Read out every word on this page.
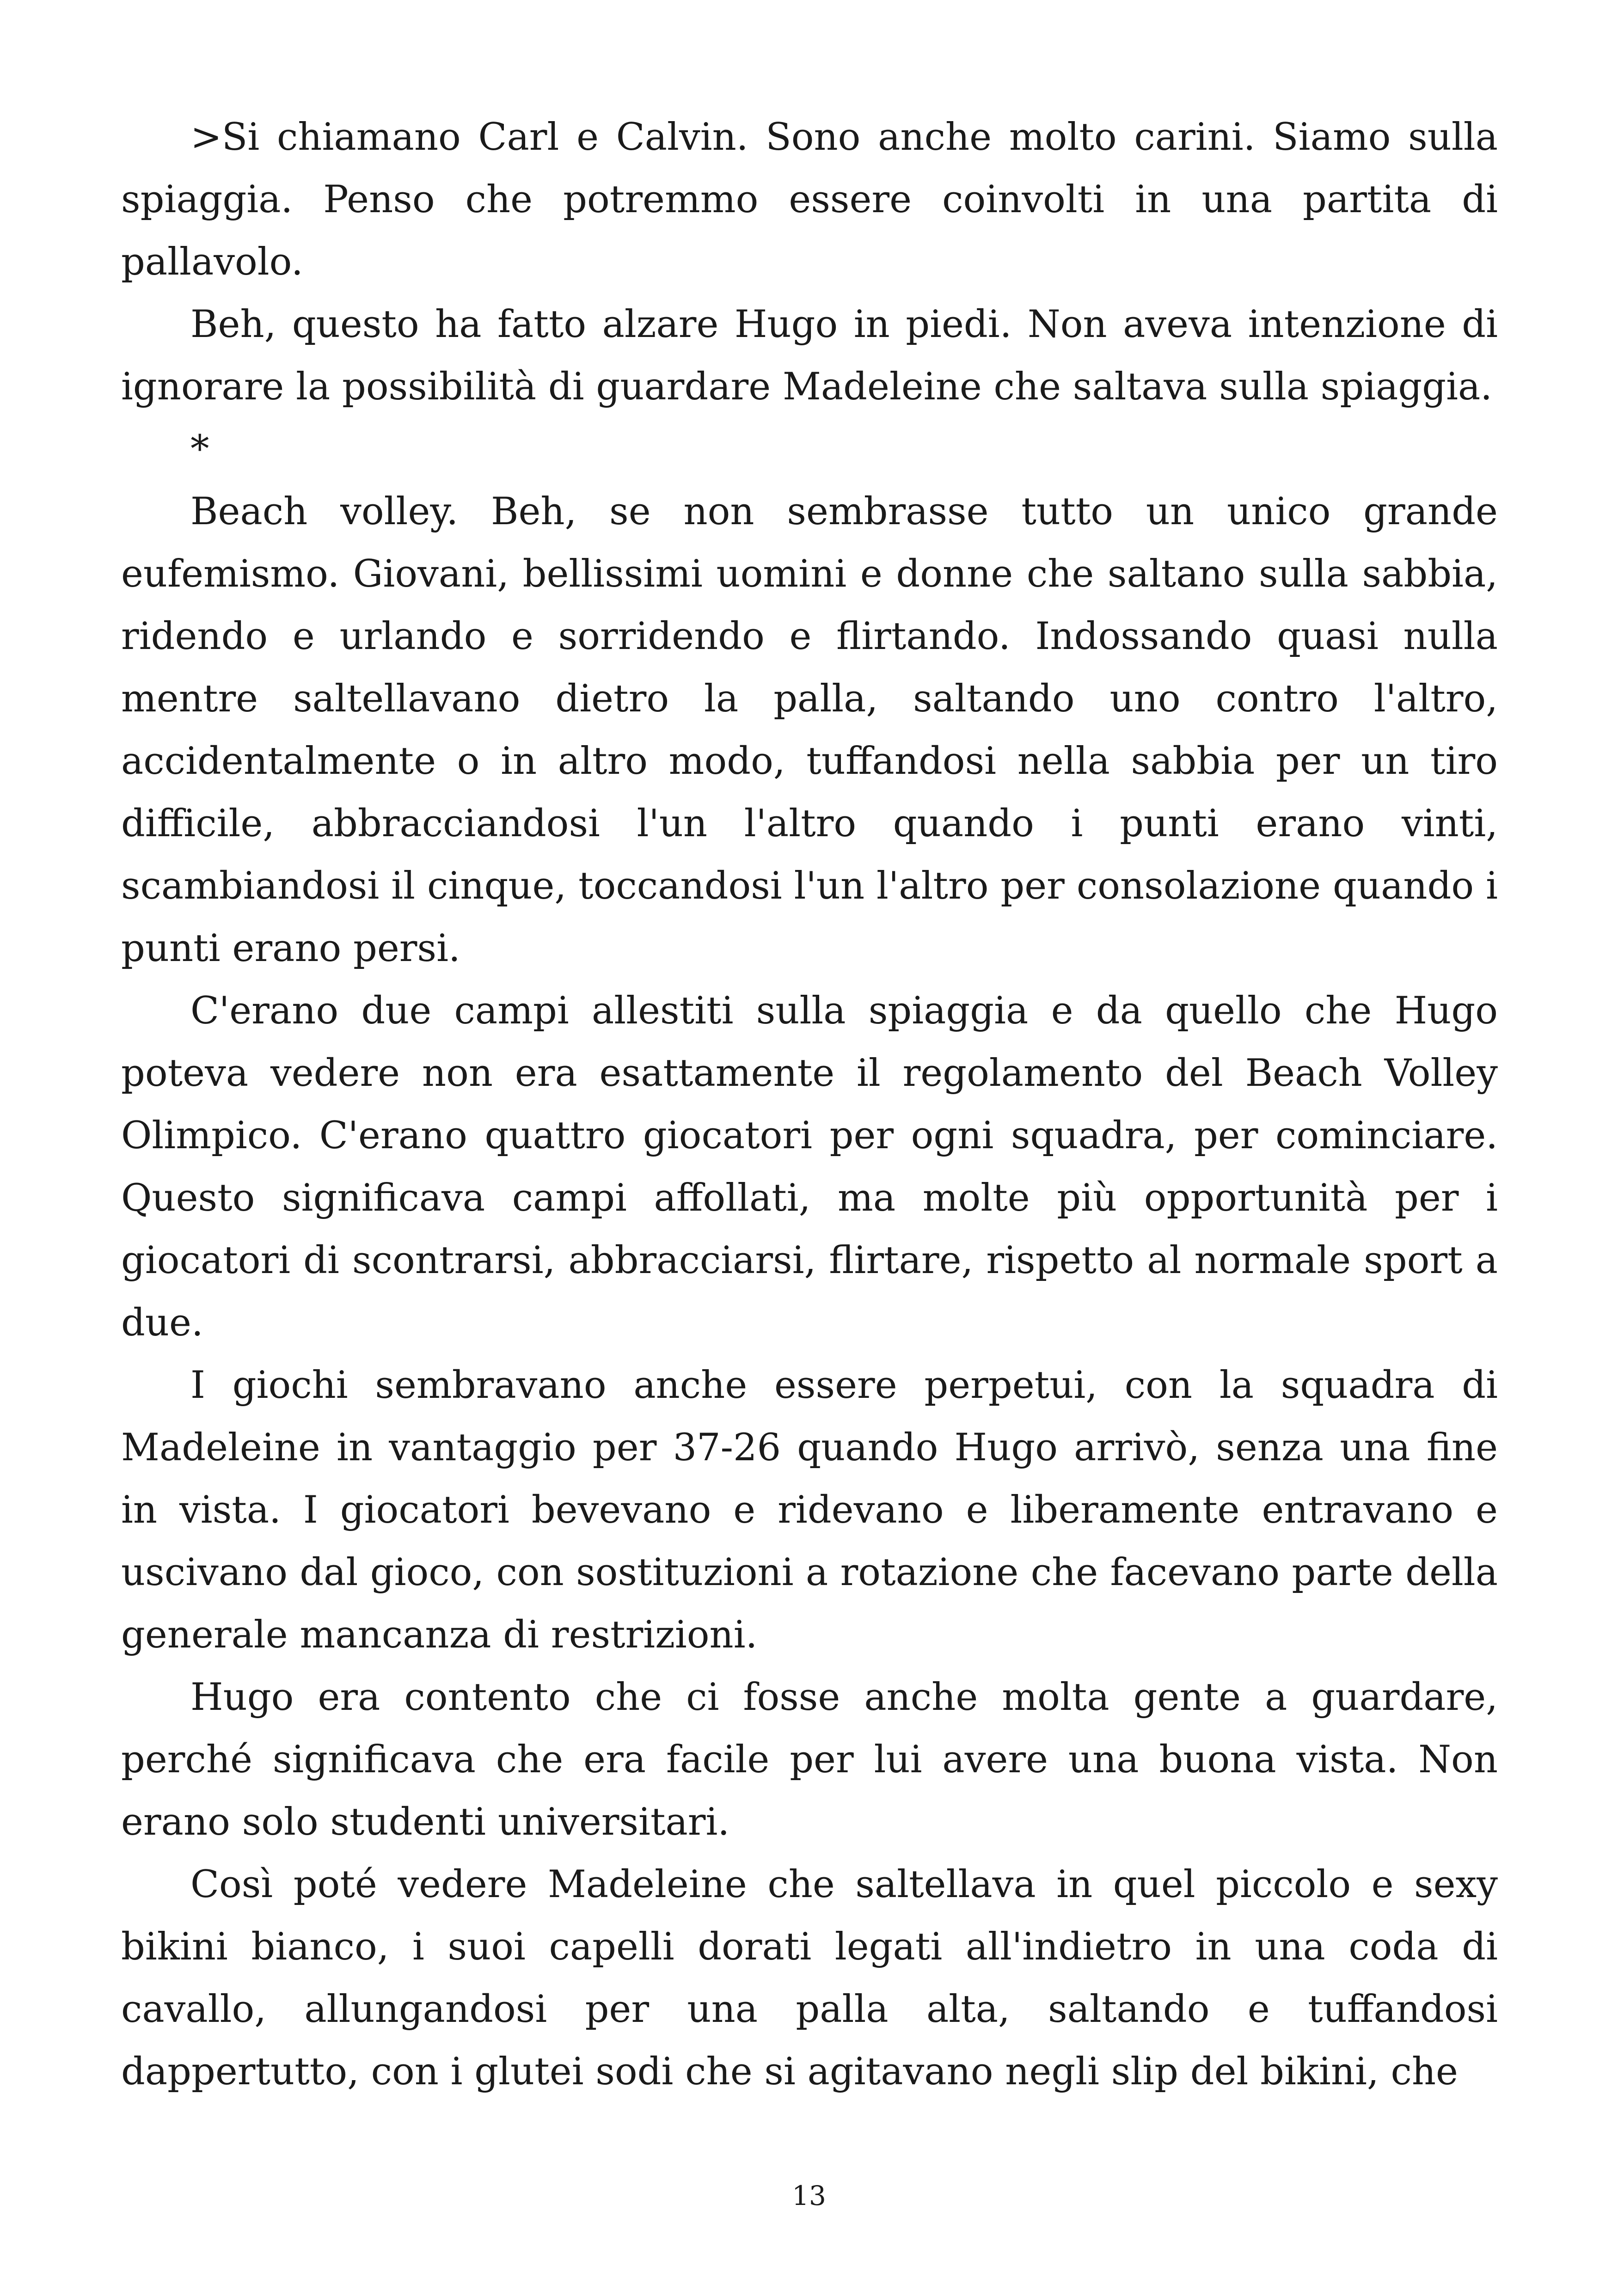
>Si chiamano Carl e Calvin. Sono anche molto carini. Siamo sulla spiaggia. Penso che potremmo essere coinvolti in una partita di pallavolo.

Beh, questo ha fatto alzare Hugo in piedi. Non aveva intenzione di ignorare la possibilità di guardare Madeleine che saltava sulla spiaggia.

*

Beach volley. Beh, se non sembrasse tutto un unico grande eufemismo. Giovani, bellissimi uomini e donne che saltano sulla sabbia, ridendo e urlando e sorridendo e flirtando. Indossando quasi nulla mentre saltellavano dietro la palla, saltando uno contro l'altro, accidentalmente o in altro modo, tuffandosi nella sabbia per un tiro difficile, abbracciandosi l'un l'altro quando i punti erano vinti, scambiandosi il cinque, toccandosi l'un l'altro per consolazione quando i punti erano persi.

C'erano due campi allestiti sulla spiaggia e da quello che Hugo poteva vedere non era esattamente il regolamento del Beach Volley Olimpico. C'erano quattro giocatori per ogni squadra, per cominciare. Questo significava campi affollati, ma molte più opportunità per i giocatori di scontrarsi, abbracciarsi, flirtare, rispetto al normale sport a due.

I giochi sembravano anche essere perpetui, con la squadra di Madeleine in vantaggio per 37-26 quando Hugo arrivò, senza una fine in vista. I giocatori bevevano e ridevano e liberamente entravano e uscivano dal gioco, con sostituzioni a rotazione che facevano parte della generale mancanza di restrizioni.

Hugo era contento che ci fosse anche molta gente a guardare, perché significava che era facile per lui avere una buona vista. Non erano solo studenti universitari.

Così poté vedere Madeleine che saltellava in quel piccolo e sexy bikini bianco, i suoi capelli dorati legati all'indietro in una coda di cavallo, allungandosi per una palla alta, saltando e tuffandosi dappertutto, con i glutei sodi che si agitavano negli slip del bikini, che

13
